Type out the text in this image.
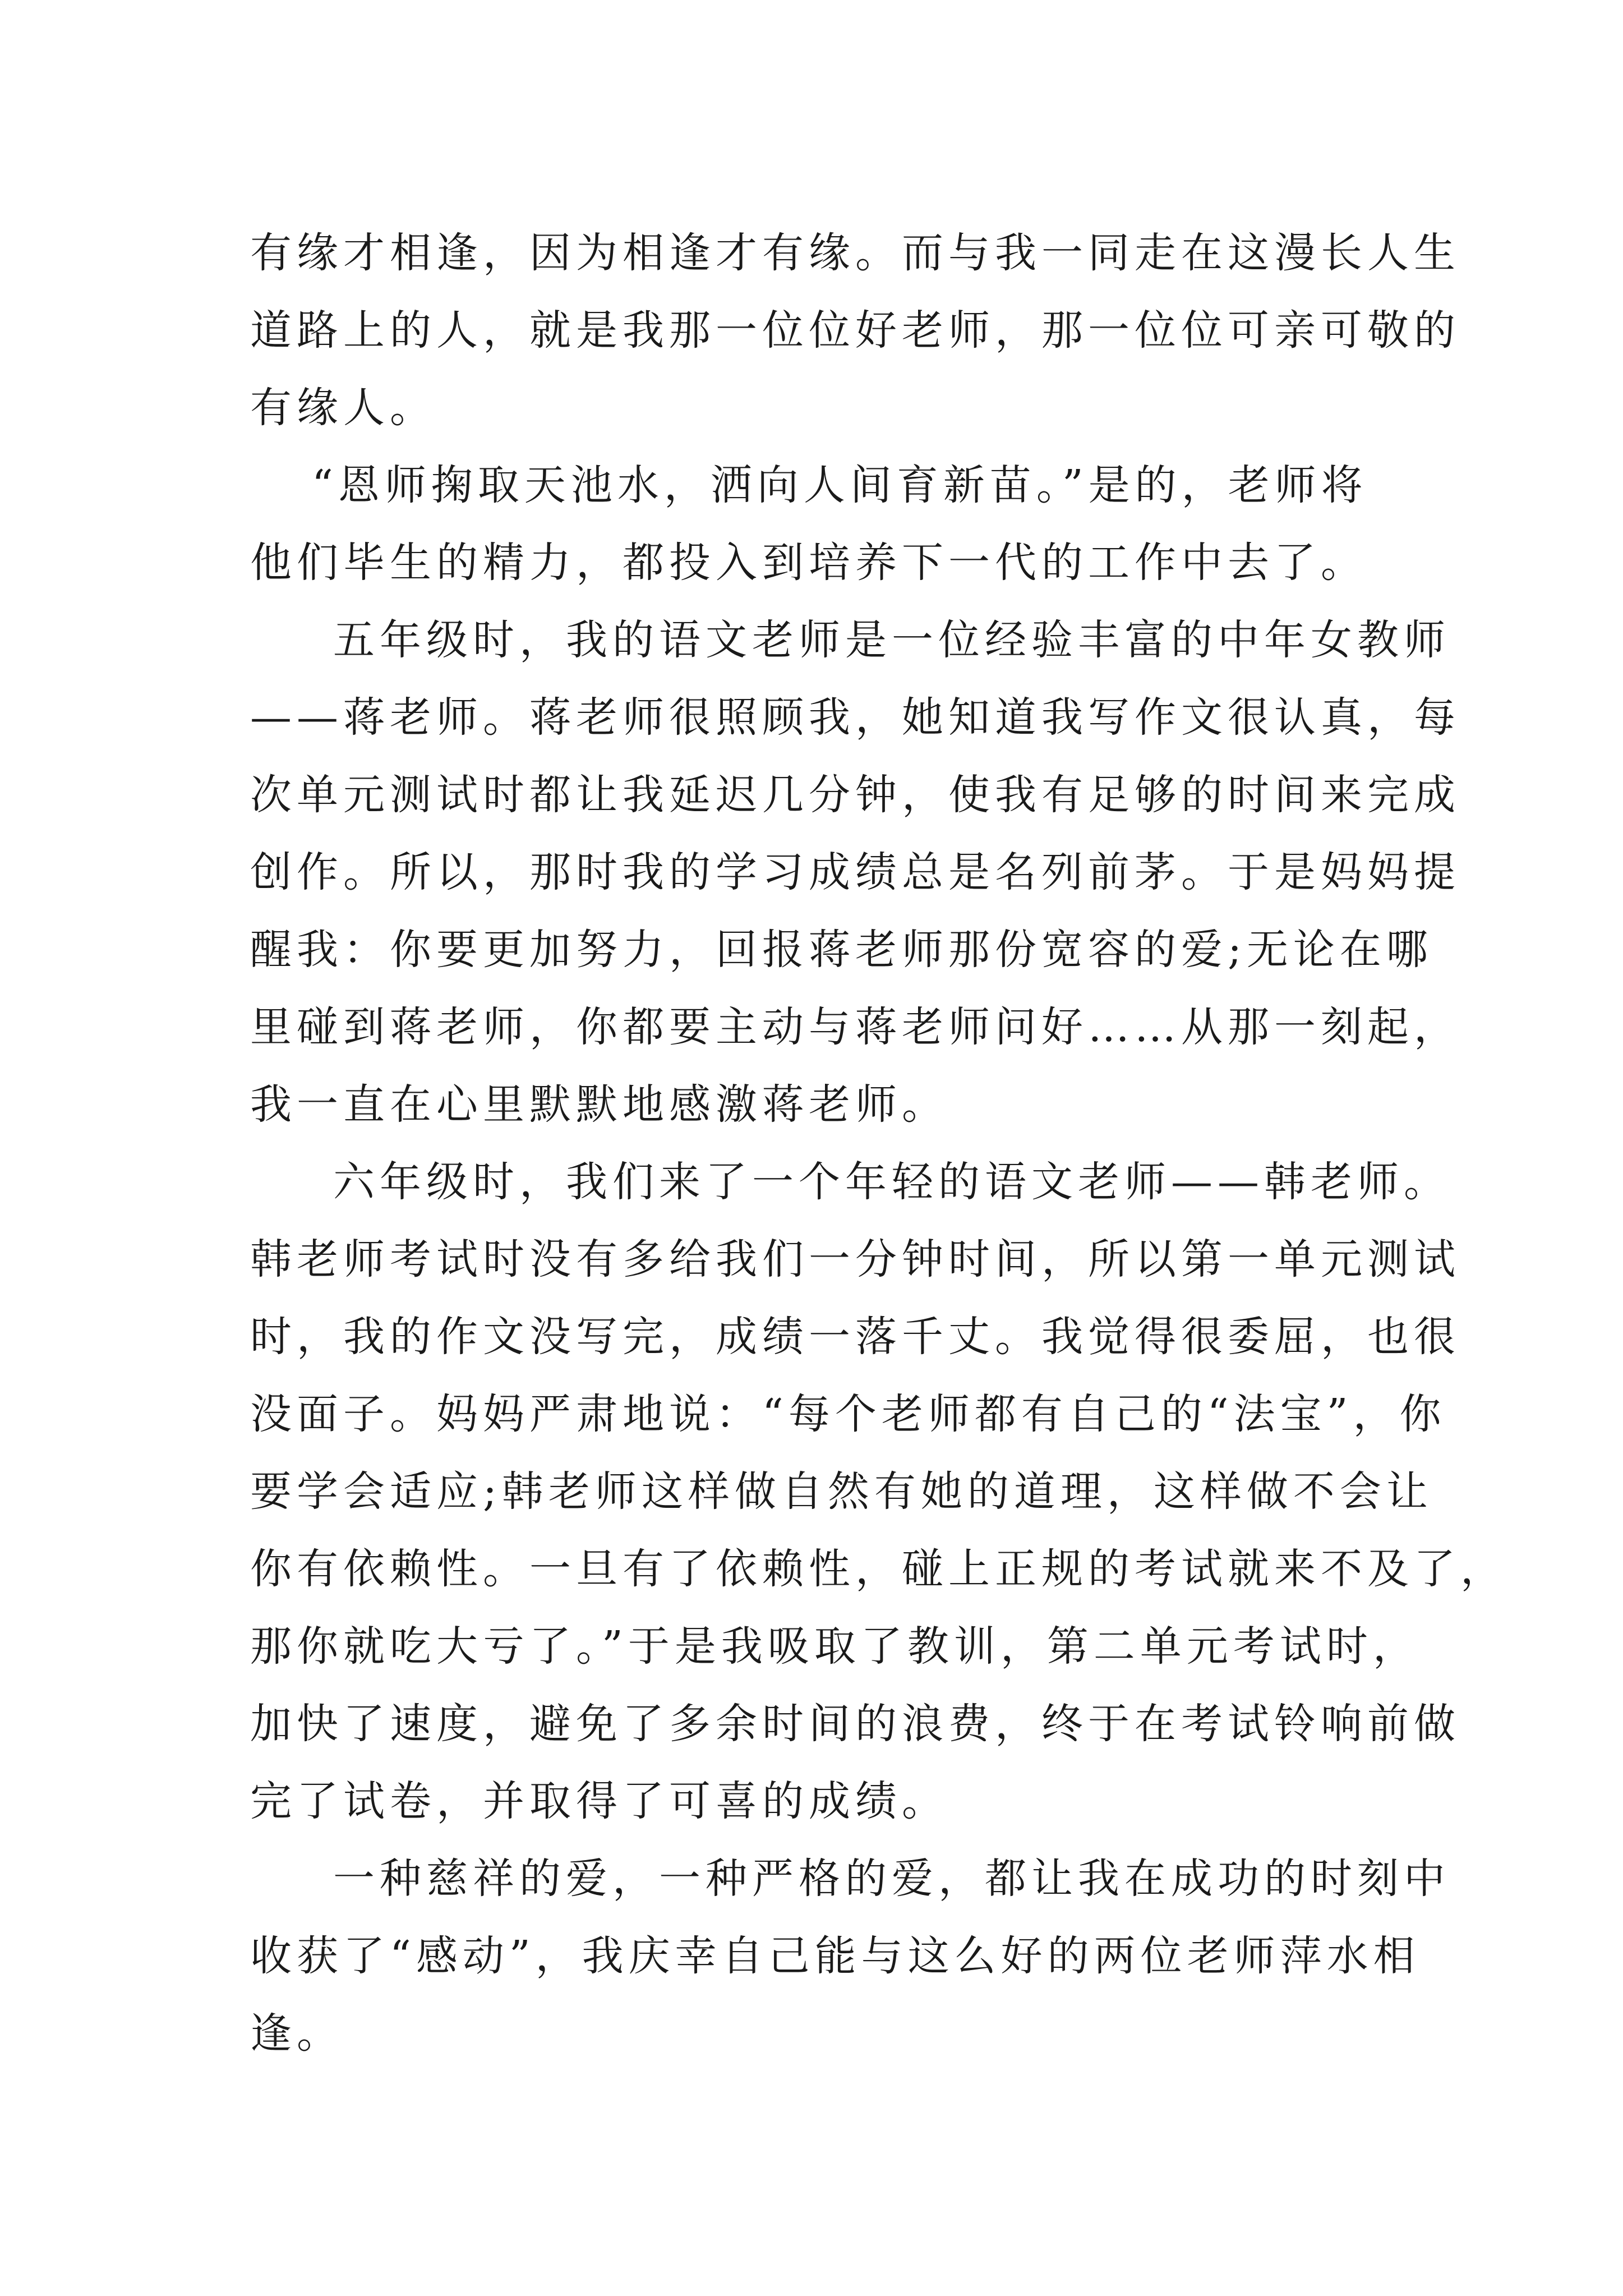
有缘才相逢，因为相逢才有缘。而与我一同走在这漫长人生
道路上的人，就是我那一位位好老师，那一位位可亲可敬的
有缘人。
“恩师掬取天池水，洒向人间育新苗。”是的，老师将
他们毕生的精力，都投入到培养下一代的工作中去了。
五年级时，我的语文老师是一位经验丰富的中年女教师
——蒋老师。蒋老师很照顾我，她知道我写作文很认真，每
次单元测试时都让我延迟几分钟，使我有足够的时间来完成
创作。所以，那时我的学习成绩总是名列前茅。于是妈妈提
醒我：你要更加努力，回报蒋老师那份宽容的爱;无论在哪
里碰到蒋老师，你都要主动与蒋老师问好……从那一刻起，
我一直在心里默默地感激蒋老师。
六年级时，我们来了一个年轻的语文老师——韩老师。
韩老师考试时没有多给我们一分钟时间，所以第一单元测试
时，我的作文没写完，成绩一落千丈。我觉得很委屈，也很
没面子。妈妈严肃地说：“每个老师都有自己的“法宝”，你
要学会适应;韩老师这样做自然有她的道理，这样做不会让
你有依赖性。一旦有了依赖性，碰上正规的考试就来不及了，
那你就吃大亏了。”于是我吸取了教训，第二单元考试时，
加快了速度，避免了多余时间的浪费，终于在考试铃响前做
完了试卷，并取得了可喜的成绩。
一种慈祥的爱，一种严格的爱，都让我在成功的时刻中
收获了“感动”，我庆幸自己能与这么好的两位老师萍水相
逢。
